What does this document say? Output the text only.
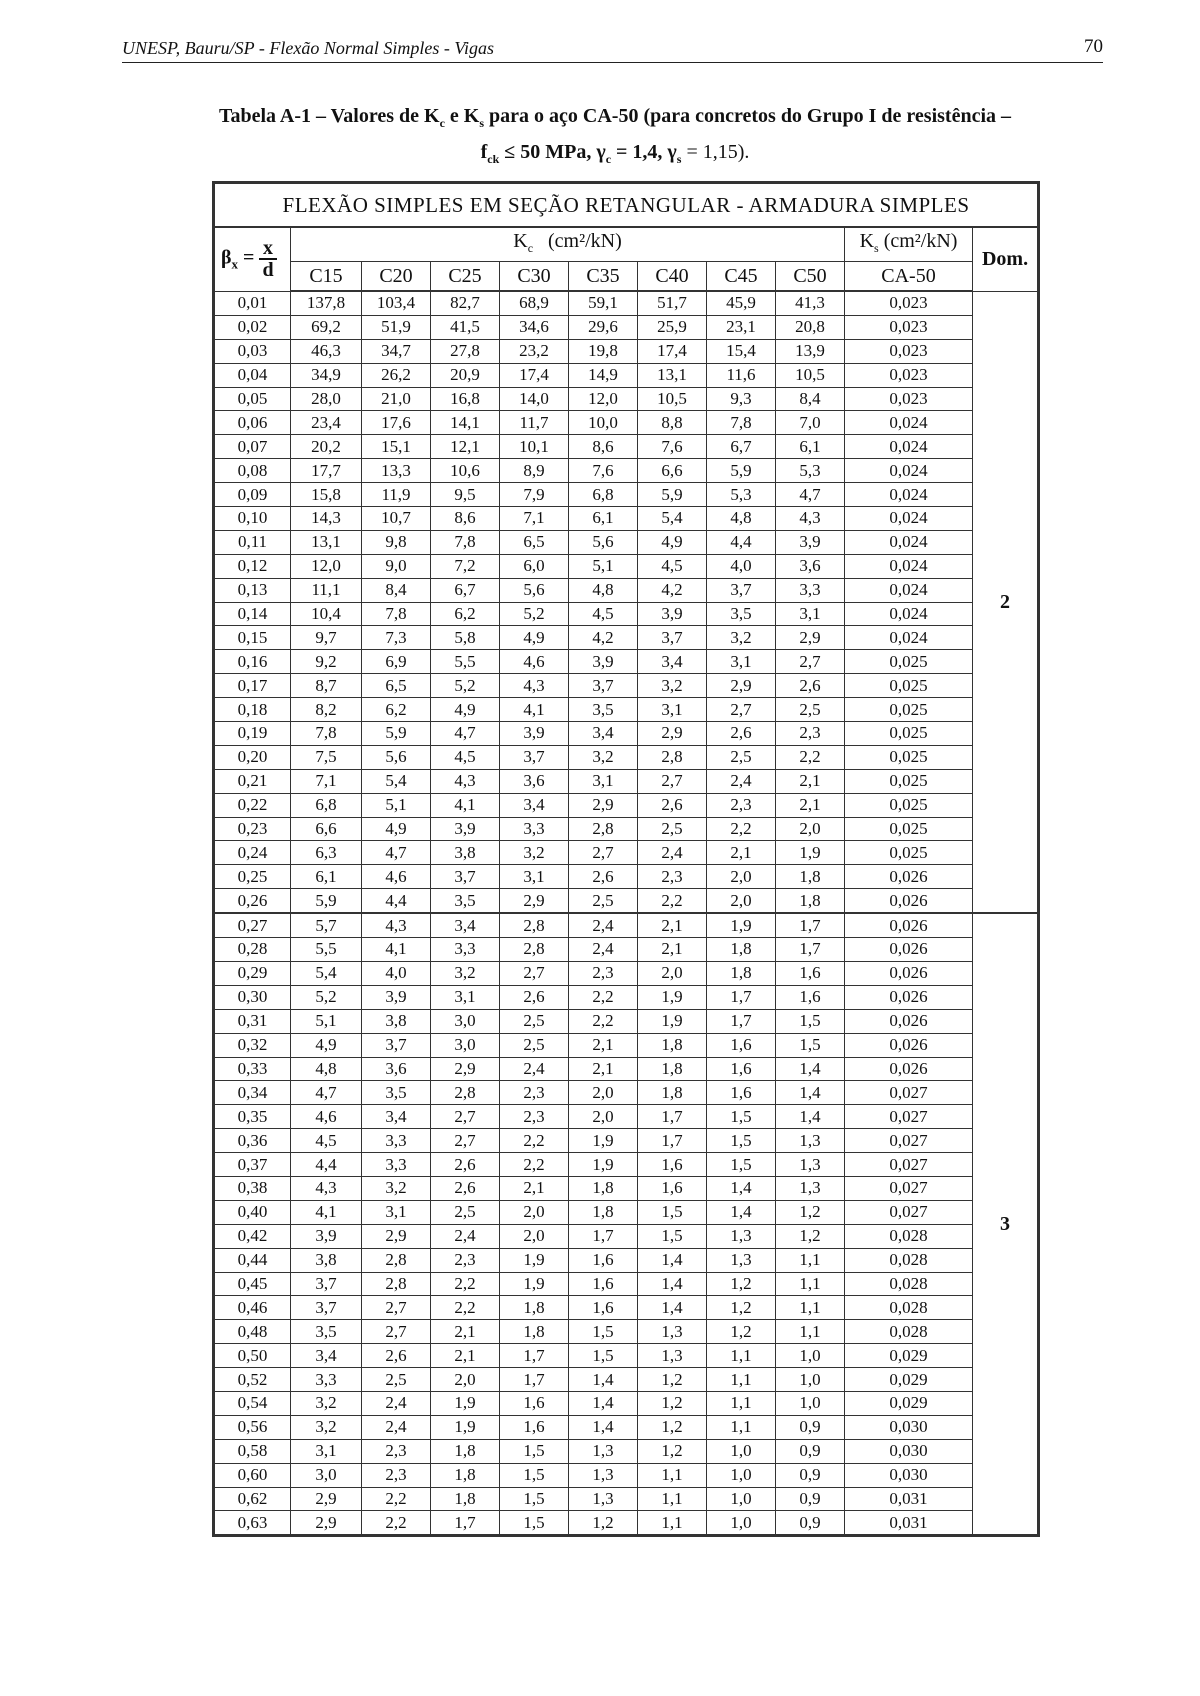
UNESP, Bauru/SP - Flexão Normal Simples - Vigas	70
Tabela A-1 – Valores de $K_c$ e $K_s$ para o aço CA-50 (para concretos do Grupo I de resistência –
$f_{ck} \le 50$ MPa, $\gamma_c = 1,4$, $\gamma_s = 1,15$).
FLEXÃO SIMPLES EM SEÇÃO RETANGULAR - ARMADURA SIMPLES										
$\beta_x = \frac{x}{d}$	$K_c$ (cm²/kN)								$K_s$ (cm²/kN)	Dom.
	C15	C20	C25	C30	C35	C40	C45	C50	CA-50	
0,01	137,8	103,4	82,7	68,9	59,1	51,7	45,9	41,3	0,023	2
0,02	69,2	51,9	41,5	34,6	29,6	25,9	23,1	20,8	0,023	
0,03	46,3	34,7	27,8	23,2	19,8	17,4	15,4	13,9	0,023	
0,04	34,9	26,2	20,9	17,4	14,9	13,1	11,6	10,5	0,023	
0,05	28,0	21,0	16,8	14,0	12,0	10,5	9,3	8,4	0,023	
0,06	23,4	17,6	14,1	11,7	10,0	8,8	7,8	7,0	0,024	
0,07	20,2	15,1	12,1	10,1	8,6	7,6	6,7	6,1	0,024	
0,08	17,7	13,3	10,6	8,9	7,6	6,6	5,9	5,3	0,024	
0,09	15,8	11,9	9,5	7,9	6,8	5,9	5,3	4,7	0,024	
0,10	14,3	10,7	8,6	7,1	6,1	5,4	4,8	4,3	0,024	
0,11	13,1	9,8	7,8	6,5	5,6	4,9	4,4	3,9	0,024	
0,12	12,0	9,0	7,2	6,0	5,1	4,5	4,0	3,6	0,024	
0,13	11,1	8,4	6,7	5,6	4,8	4,2	3,7	3,3	0,024	
0,14	10,4	7,8	6,2	5,2	4,5	3,9	3,5	3,1	0,024	
0,15	9,7	7,3	5,8	4,9	4,2	3,7	3,2	2,9	0,024	
0,16	9,2	6,9	5,5	4,6	3,9	3,4	3,1	2,7	0,025	
0,17	8,7	6,5	5,2	4,3	3,7	3,2	2,9	2,6	0,025	
0,18	8,2	6,2	4,9	4,1	3,5	3,1	2,7	2,5	0,025	
0,19	7,8	5,9	4,7	3,9	3,4	2,9	2,6	2,3	0,025	
0,20	7,5	5,6	4,5	3,7	3,2	2,8	2,5	2,2	0,025	
0,21	7,1	5,4	4,3	3,6	3,1	2,7	2,4	2,1	0,025	
0,22	6,8	5,1	4,1	3,4	2,9	2,6	2,3	2,1	0,025	
0,23	6,6	4,9	3,9	3,3	2,8	2,5	2,2	2,0	0,025	
0,24	6,3	4,7	3,8	3,2	2,7	2,4	2,1	1,9	0,025	
0,25	6,1	4,6	3,7	3,1	2,6	2,3	2,0	1,8	0,026	
0,26	5,9	4,4	3,5	2,9	2,5	2,2	2,0	1,8	0,026	
0,27	5,7	4,3	3,4	2,8	2,4	2,1	1,9	1,7	0,026	3
0,28	5,5	4,1	3,3	2,8	2,4	2,1	1,8	1,7	0,026	
0,29	5,4	4,0	3,2	2,7	2,3	2,0	1,8	1,6	0,026	
0,30	5,2	3,9	3,1	2,6	2,2	1,9	1,7	1,6	0,026	
0,31	5,1	3,8	3,0	2,5	2,2	1,9	1,7	1,5	0,026	
0,32	4,9	3,7	3,0	2,5	2,1	1,8	1,6	1,5	0,026	
0,33	4,8	3,6	2,9	2,4	2,1	1,8	1,6	1,4	0,026	
0,34	4,7	3,5	2,8	2,3	2,0	1,8	1,6	1,4	0,027	
0,35	4,6	3,4	2,7	2,3	2,0	1,7	1,5	1,4	0,027	
0,36	4,5	3,3	2,7	2,2	1,9	1,7	1,5	1,3	0,027	
0,37	4,4	3,3	2,6	2,2	1,9	1,6	1,5	1,3	0,027	
0,38	4,3	3,2	2,6	2,1	1,8	1,6	1,4	1,3	0,027	
0,40	4,1	3,1	2,5	2,0	1,8	1,5	1,4	1,2	0,027	
0,42	3,9	2,9	2,4	2,0	1,7	1,5	1,3	1,2	0,028	
0,44	3,8	2,8	2,3	1,9	1,6	1,4	1,3	1,1	0,028	
0,45	3,7	2,8	2,2	1,9	1,6	1,4	1,2	1,1	0,028	
0,46	3,7	2,7	2,2	1,8	1,6	1,4	1,2	1,1	0,028	
0,48	3,5	2,7	2,1	1,8	1,5	1,3	1,2	1,1	0,028	
0,50	3,4	2,6	2,1	1,7	1,5	1,3	1,1	1,0	0,029	
0,52	3,3	2,5	2,0	1,7	1,4	1,2	1,1	1,0	0,029	
0,54	3,2	2,4	1,9	1,6	1,4	1,2	1,1	1,0	0,029	
0,56	3,2	2,4	1,9	1,6	1,4	1,2	1,1	0,9	0,030	
0,58	3,1	2,3	1,8	1,5	1,3	1,2	1,0	0,9	0,030	
0,60	3,0	2,3	1,8	1,5	1,3	1,1	1,0	0,9	0,030	
0,62	2,9	2,2	1,8	1,5	1,3	1,1	1,0	0,9	0,031	
0,63	2,9	2,2	1,7	1,5	1,2	1,1	1,0	0,9	0,031	
